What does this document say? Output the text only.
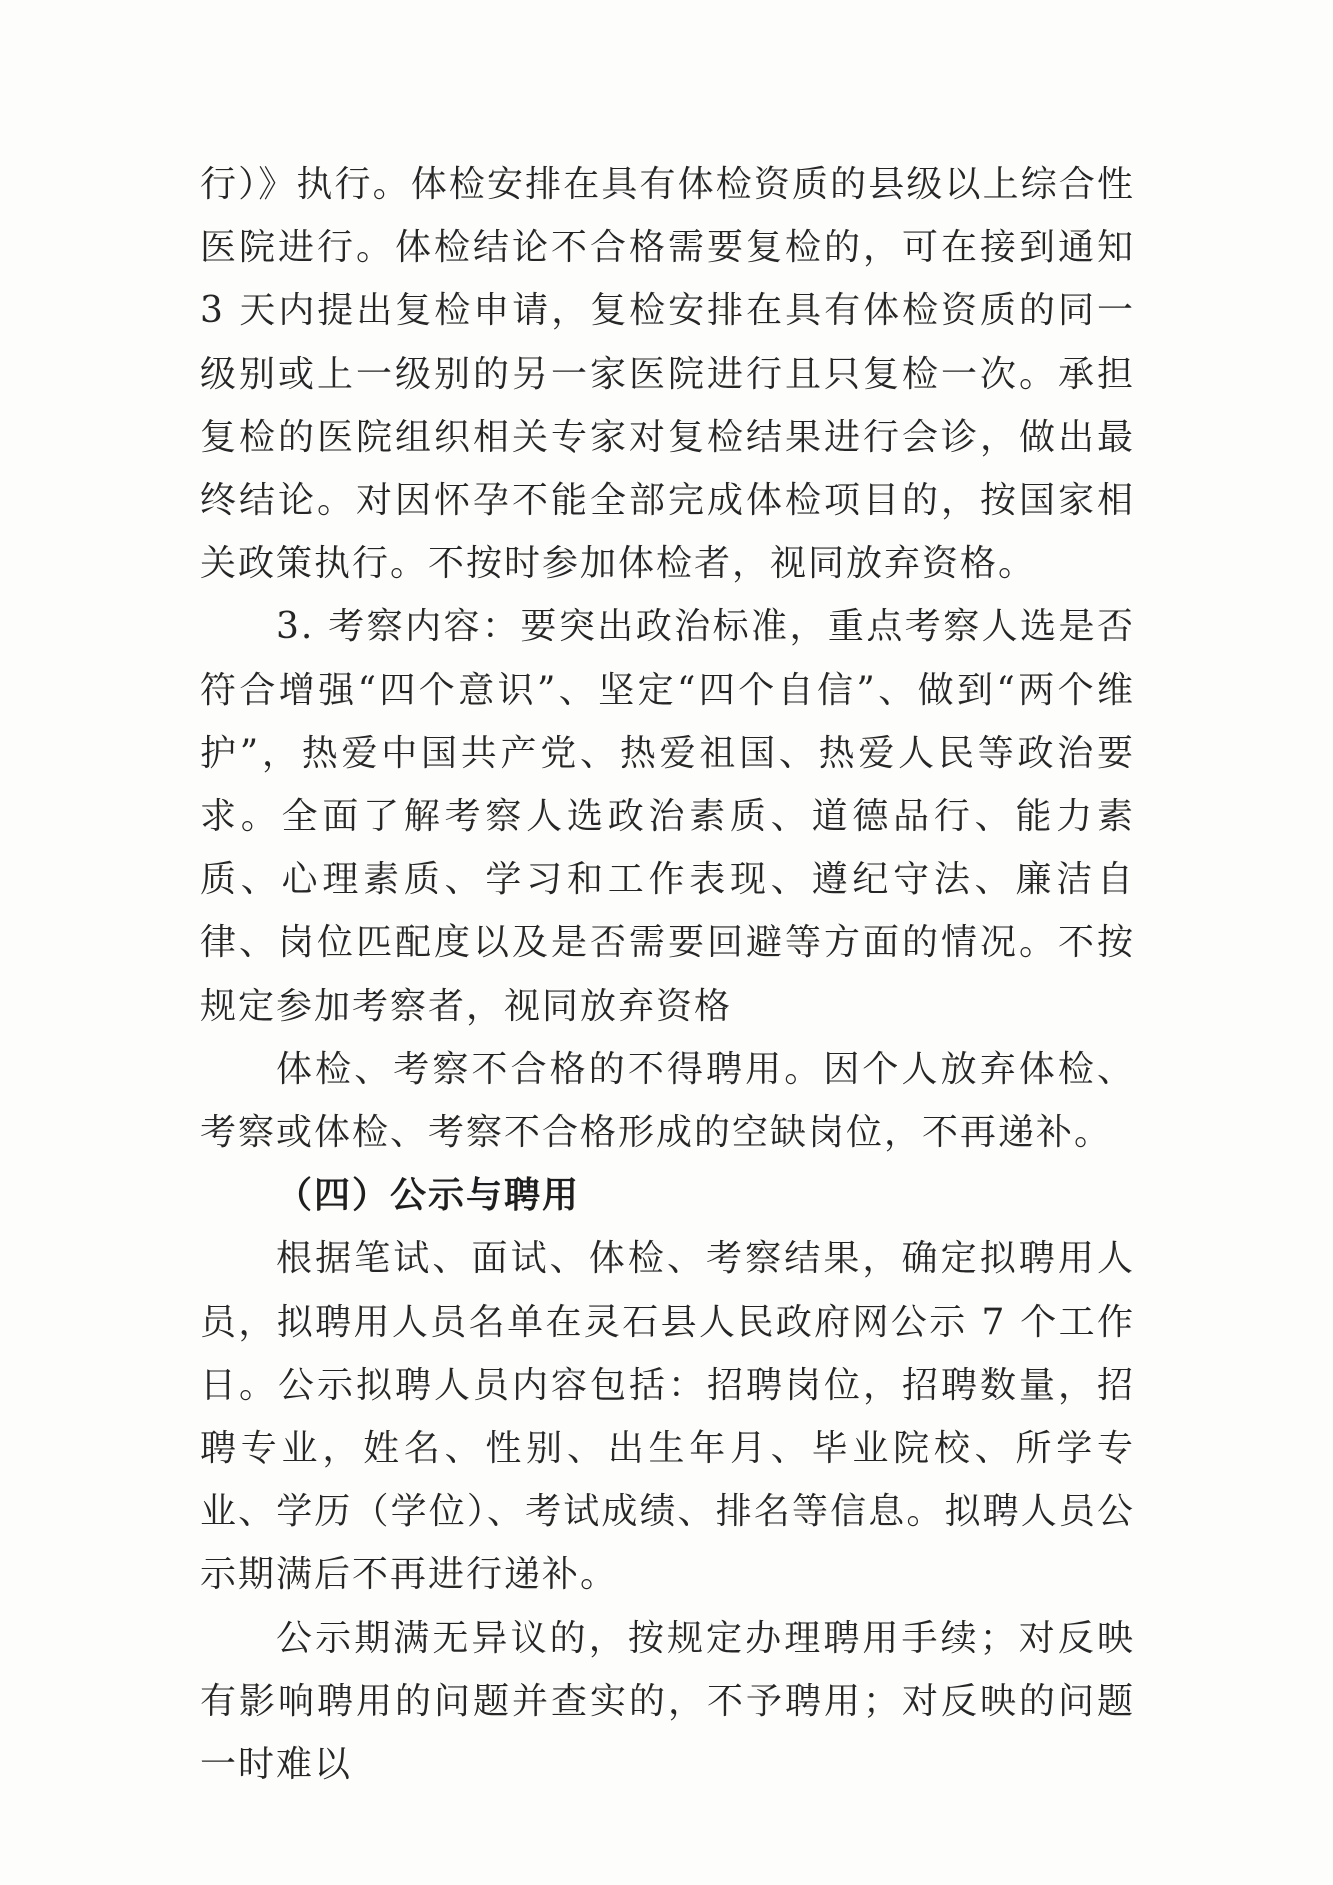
行）》执行。体检安排在具有体检资质的县级以上综合性医院进行。体检结论不合格需要复检的，可在接到通知 3 天内提出复检申请，复检安排在具有体检资质的同一级别或上一级别的另一家医院进行且只复检一次。承担复检的医院组织相关专家对复检结果进行会诊，做出最终结论。对因怀孕不能全部完成体检项目的，按国家相关政策执行。不按时参加体检者，视同放弃资格。

3. 考察内容：要突出政治标准，重点考察人选是否符合增强“四个意识”、坚定“四个自信”、做到“两个维护”，热爱中国共产党、热爱祖国、热爱人民等政治要求。全面了解考察人选政治素质、道德品行、能力素质、心理素质、学习和工作表现、遵纪守法、廉洁自律、岗位匹配度以及是否需要回避等方面的情况。不按规定参加考察者，视同放弃资格

体检、考察不合格的不得聘用。因个人放弃体检、考察或体检、考察不合格形成的空缺岗位，不再递补。

（四）公示与聘用

根据笔试、面试、体检、考察结果，确定拟聘用人员，拟聘用人员名单在灵石县人民政府网公示 7 个工作日。公示拟聘人员内容包括：招聘岗位，招聘数量，招聘专业，姓名、性别、出生年月、毕业院校、所学专业、学历（学位）、考试成绩、排名等信息。拟聘人员公示期满后不再进行递补。

公示期满无异议的，按规定办理聘用手续；对反映有影响聘用的问题并查实的，不予聘用；对反映的问题一时难以
